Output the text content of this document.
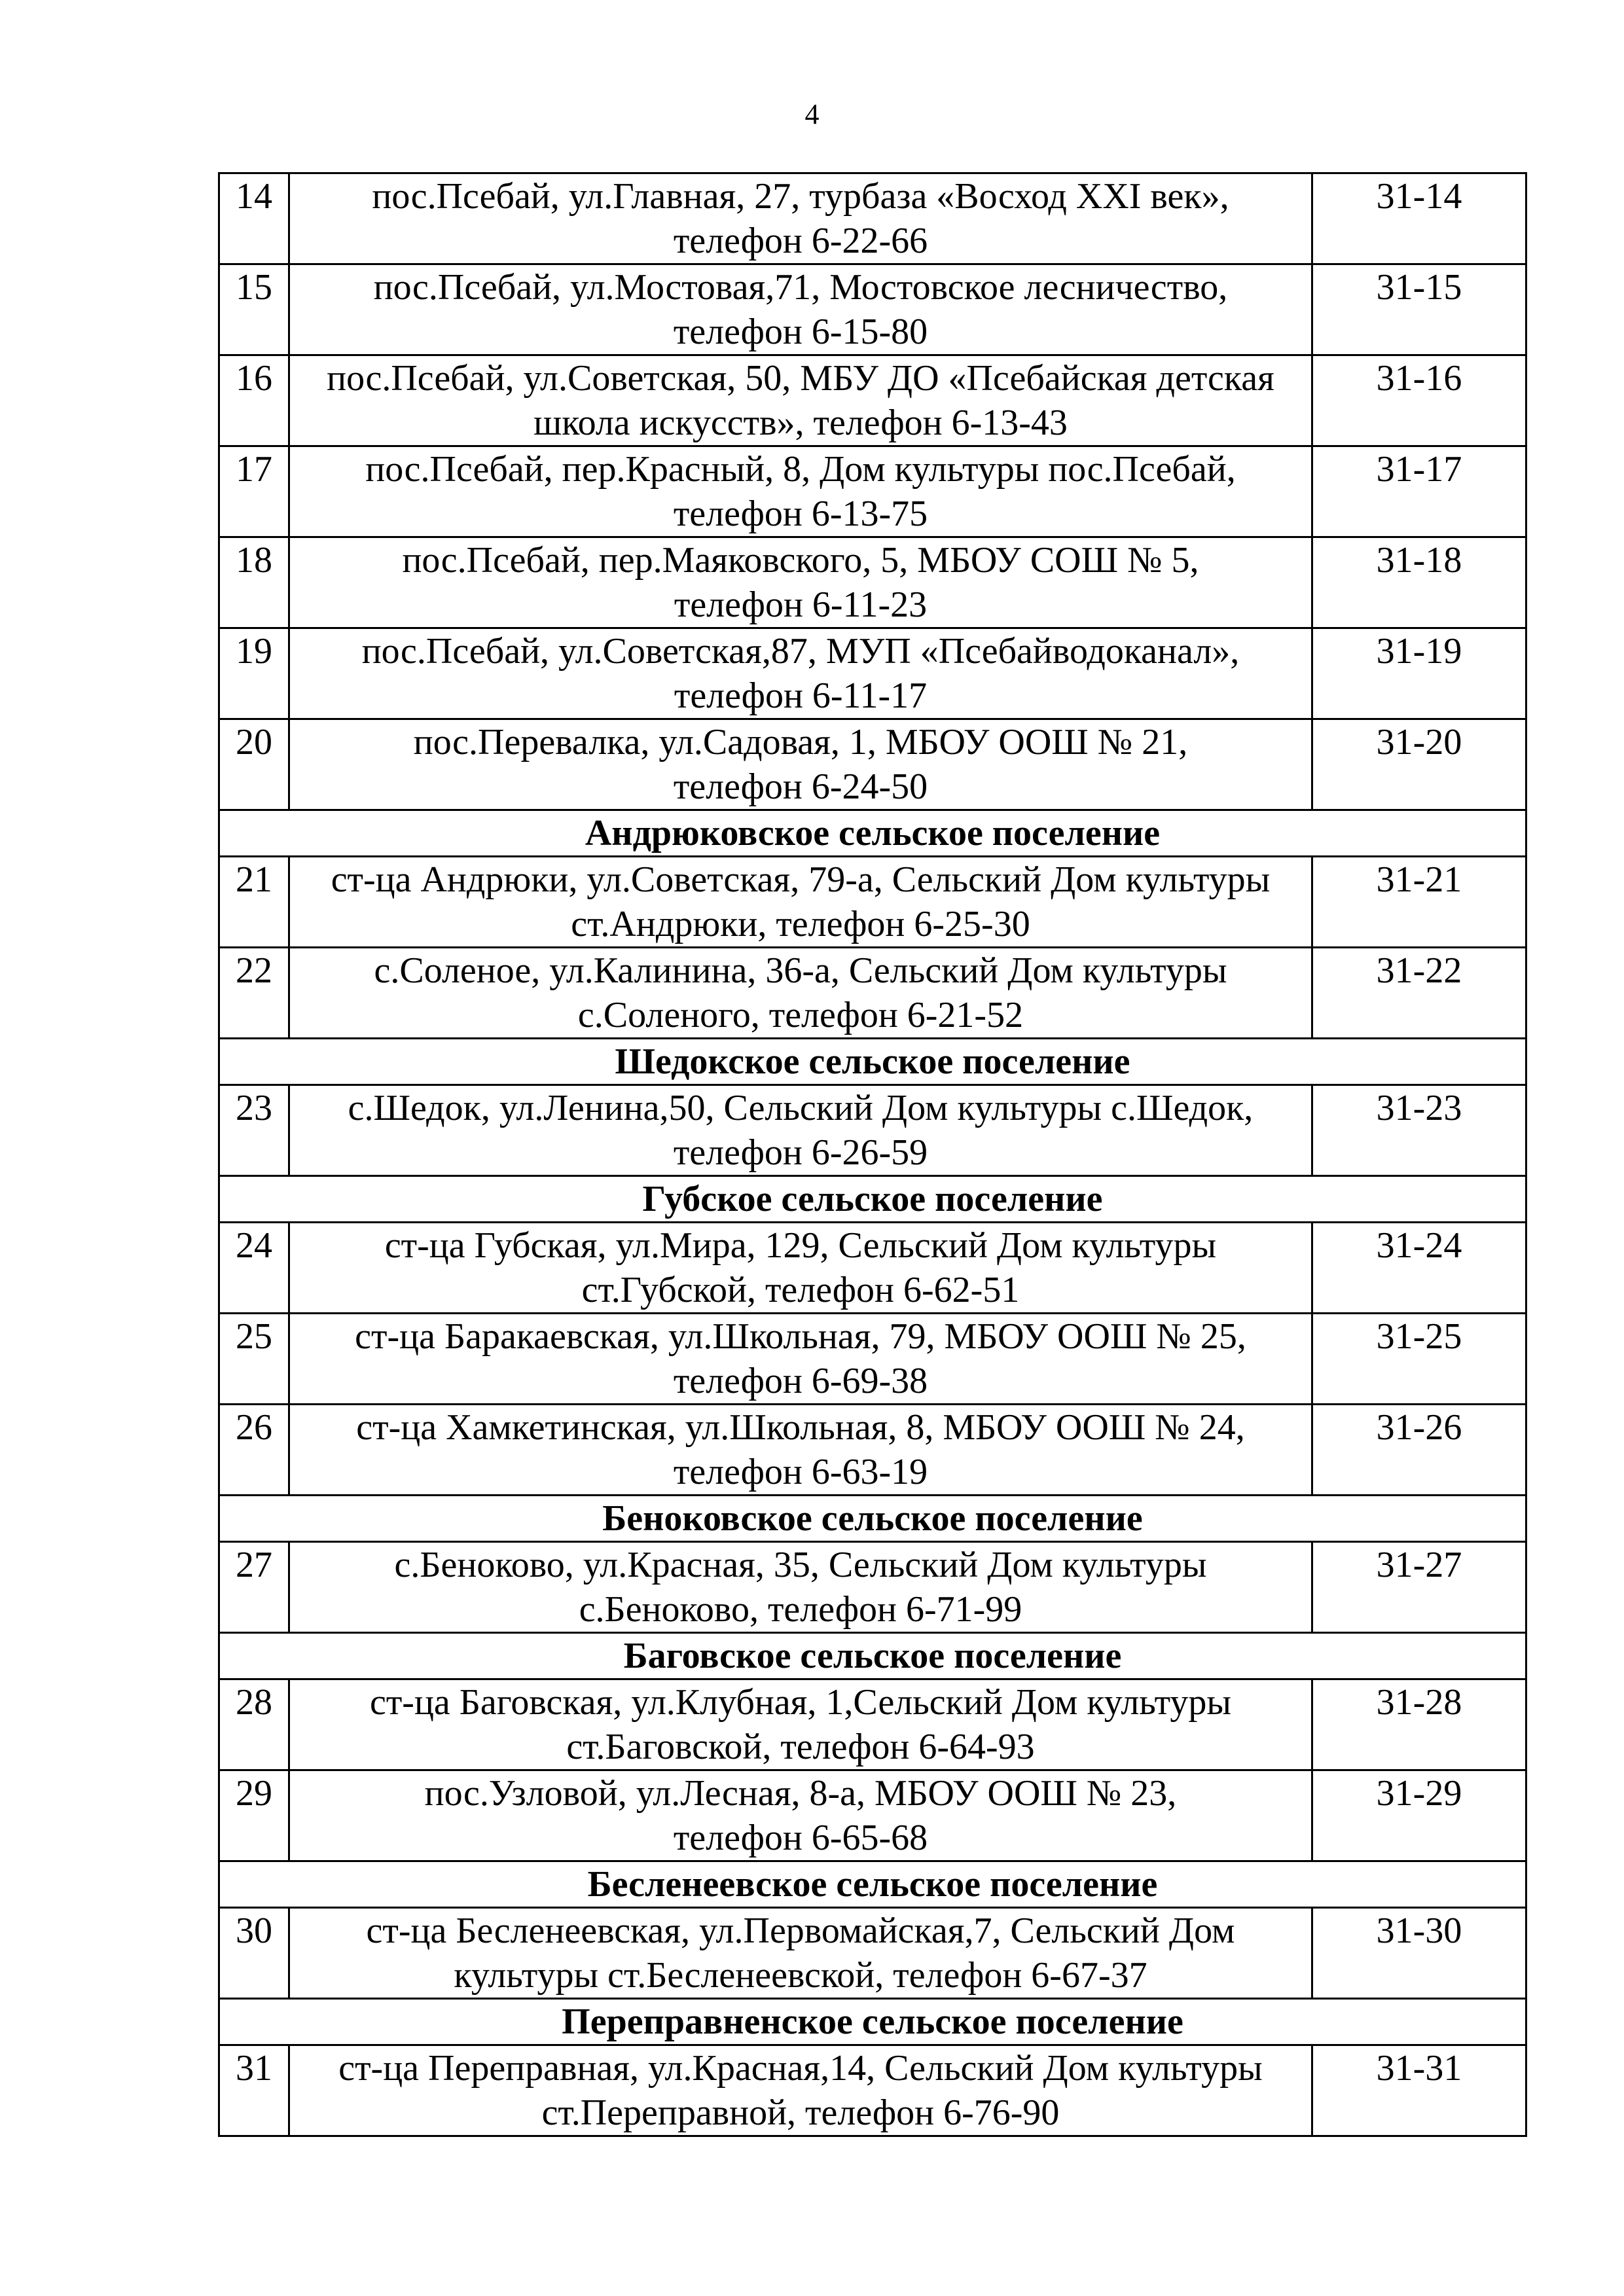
4
14	пос.Псебай, ул.Главная, 27, турбаза «Восход XXI век»,
телефон 6-22-66	31-14
15	пос.Псебай, ул.Мостовая,71, Мостовское лесничество,
телефон 6-15-80	31-15
16	пос.Псебай, ул.Советская, 50, МБУ ДО «Псебайская детская
школа искусств», телефон 6-13-43	31-16
17	пос.Псебай, пер.Красный, 8, Дом культуры пос.Псебай,
телефон 6-13-75	31-17
18	пос.Псебай, пер.Маяковского, 5, МБОУ СОШ № 5,
телефон 6-11-23	31-18
19	пос.Псебай, ул.Советская,87, МУП «Псебайводоканал»,
телефон 6-11-17	31-19
20	пос.Перевалка, ул.Садовая, 1, МБОУ ООШ № 21,
телефон 6-24-50	31-20
Андрюковское сельское поселение		
21	ст-ца Андрюки, ул.Советская, 79-а, Сельский Дом культуры
ст.Андрюки, телефон 6-25-30	31-21
22	с.Соленое, ул.Калинина, 36-а, Сельский Дом культуры
с.Соленого, телефон 6-21-52	31-22
Шедокское сельское поселение		
23	с.Шедок, ул.Ленина,50, Сельский Дом культуры с.Шедок,
телефон 6-26-59	31-23
Губское сельское поселение		
24	ст-ца Губская, ул.Мира, 129, Сельский Дом культуры
ст.Губской, телефон 6-62-51	31-24
25	ст-ца Баракаевская, ул.Школьная, 79, МБОУ ООШ № 25,
телефон 6-69-38	31-25
26	ст-ца Хамкетинская, ул.Школьная, 8, МБОУ ООШ № 24,
телефон 6-63-19	31-26
Беноковское сельское поселение		
27	с.Беноково, ул.Красная, 35, Сельский Дом культуры
с.Беноково, телефон 6-71-99	31-27
Баговское сельское поселение		
28	ст-ца Баговская, ул.Клубная, 1,Сельский Дом культуры
ст.Баговской, телефон 6-64-93	31-28
29	пос.Узловой, ул.Лесная, 8-а, МБОУ ООШ № 23,
телефон 6-65-68	31-29
Бесленеевское сельское поселение		
30	ст-ца Бесленеевская, ул.Первомайская,7, Сельский Дом
культуры ст.Бесленеевской, телефон 6-67-37	31-30
Переправненское сельское поселение		
31	ст-ца Переправная, ул.Красная,14, Сельский Дом культуры
ст.Переправной, телефон 6-76-90	31-31
